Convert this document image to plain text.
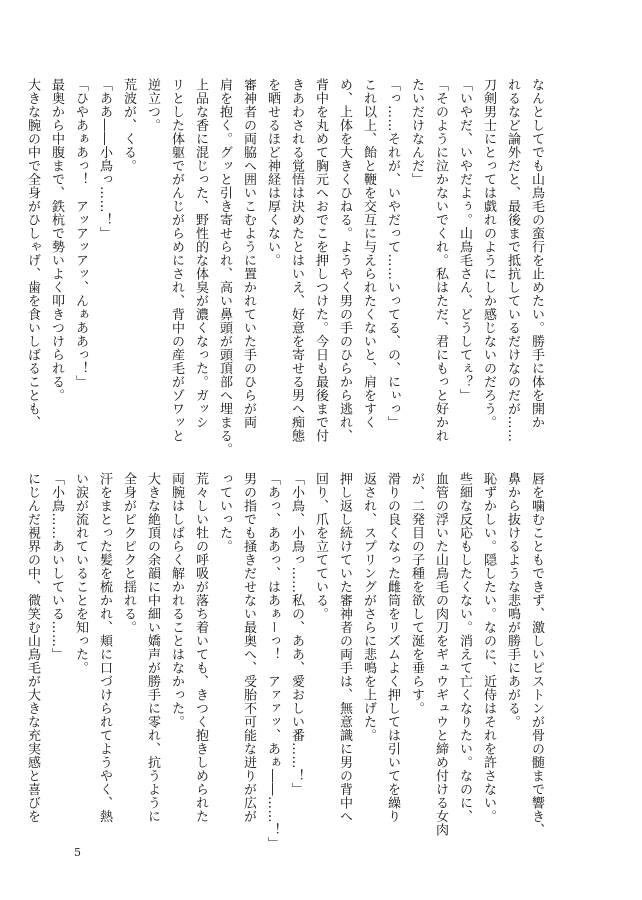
なんとしてでも山鳥毛の蛮行を止めたい。勝手に体を開か
れるなど論外だと、最後まで抵抗しているだけなのだが……
刀剣男士にとっては戯れのようにしか感じないのだろう。
「いやだ、いやだよぅ。山鳥毛さん、どうしてぇ？」
「そのように泣かないでくれ。私はただ、君にもっと好かれ
たいだけなんだ」
「っ……それが、いやだって……いってる、の、にぃっ」
これ以上、飴と鞭を交互に与えられたくないと、肩をすく
め、上体を大きくひねる。ようやく男の手のひらから逃れ、
背中を丸めて胸元へおでこを押しつけた。今日も最後まで付
きあわされる覚悟は決めたとはいえ、好意を寄せる男へ痴態
を晒せるほど神経は厚くない。
審神者の両脇へ囲いこむように置かれていた手のひらが両
肩を抱く。グッと引き寄せられ、高い鼻頭が頭頂部へ埋まる。
上品な香に混じった、野性的な体臭が濃くなった。ガッシ
リとした体躯でがんじがらめにされ、背中の産毛がゾワッと
逆立つ。
荒波が、くる。
「ああ――小鳥っ……！」
「ひやあぁあっ！　アッアッアッ、んぁああっ！」
最奥から中腹まで、鉄杭で勢いよく叩きつけられる。
大きな腕の中で全身がひしゃげ、歯を食いしばることも、
唇を噛むこともできず、激しいピストンが骨の髄まで響き、
鼻から抜けるような悲鳴が勝手にあがる。
恥ずかしい。隠したい。なのに、近侍はそれを許さない。
些細な反応もしたくない。消えて亡くなりたい。なのに、
血管の浮いた山鳥毛の肉刀をギュウギュウと締め付ける女肉
が、二発目の子種を欲して涎を垂らす。
滑りの良くなった雌筒をリズムよく押しては引いてを繰り
返され、スプリングがさらに悲鳴を上げた。
押し返し続けていた審神者の両手は、無意識に男の背中へ
回り、爪を立てている。
「小鳥、小鳥っ……私の、ああ、愛おしい番……！」
「あっ、ああっ、はあぁーっ！　アァァッ、あぁ――……！」
男の指でも掻きだせない最奥へ、受胎不可能な迸りが広が
っていった。
荒々しい牡の呼吸が落ち着いても、きつく抱きしめられた
両腕はしばらく解かれることはなかった。
大きな絶頂の余韻に中細い嬌声が勝手に零れ、抗うように
全身がピクピクと揺れる。
汗をまとった髪を梳かれ、頬に口づけられてようやく、熱
い涙が流れていることを知った。
「小鳥……あいしている……」
にじんだ視界の中、微笑む山鳥毛が大きな充実感と喜びを
5
